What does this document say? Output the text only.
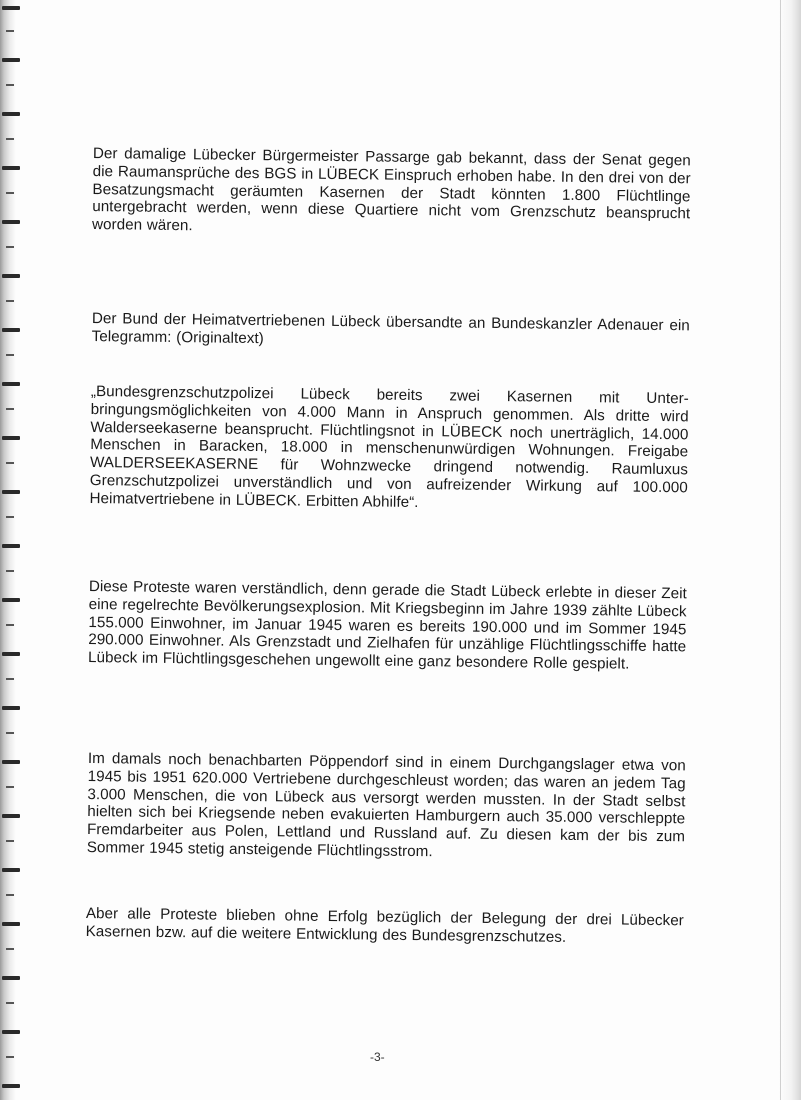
Der damalige Lübecker Bürgermeister Passarge gab bekannt, dass der Senat gegen die Raumansprüche des BGS in LÜBECK Einspruch erhoben habe. In den drei von der Besatzungsmacht geräumten Kasernen der Stadt könnten 1.800 Flüchtlinge untergebracht werden, wenn diese Quartiere nicht vom Grenzschutz beansprucht worden wären.

Der Bund der Heimatvertriebenen Lübeck übersandte an Bundeskanzler Adenauer ein Telegramm: (Originaltext)

„Bundesgrenzschutzpolizei Lübeck bereits zwei Kasernen mit Unter-bringungsmöglichkeiten von 4.000 Mann in Anspruch genommen. Als dritte wird Walderseekaserne beansprucht. Flüchtlingsnot in LÜBECK noch unerträglich, 14.000 Menschen in Baracken, 18.000 in menschenunwürdigen Wohnungen. Freigabe WALDERSEEKASERNE für Wohnzwecke dringend notwendig. Raumluxus Grenzschutzpolizei unverständlich und von aufreizender Wirkung auf 100.000 Heimatvertriebene in LÜBECK. Erbitten Abhilfe“.

Diese Proteste waren verständlich, denn gerade die Stadt Lübeck erlebte in dieser Zeit eine regelrechte Bevölkerungsexplosion. Mit Kriegsbeginn im Jahre 1939 zählte Lübeck 155.000 Einwohner, im Januar 1945 waren es bereits 190.000 und im Sommer 1945 290.000 Einwohner. Als Grenzstadt und Zielhafen für unzählige Flüchtlingsschiffe hatte Lübeck im Flüchtlingsgeschehen ungewollt eine ganz besondere Rolle gespielt.

Im damals noch benachbarten Pöppendorf sind in einem Durchgangslager etwa von 1945 bis 1951 620.000 Vertriebene durchgeschleust worden; das waren an jedem Tag 3.000 Menschen, die von Lübeck aus versorgt werden mussten. In der Stadt selbst hielten sich bei Kriegsende neben evakuierten Hamburgern auch 35.000 verschleppte Fremdarbeiter aus Polen, Lettland und Russland auf. Zu diesen kam der bis zum Sommer 1945 stetig ansteigende Flüchtlingsstrom.

Aber alle Proteste blieben ohne Erfolg bezüglich der Belegung der drei Lübecker Kasernen bzw. auf die weitere Entwicklung des Bundesgrenzschutzes.

-3-
